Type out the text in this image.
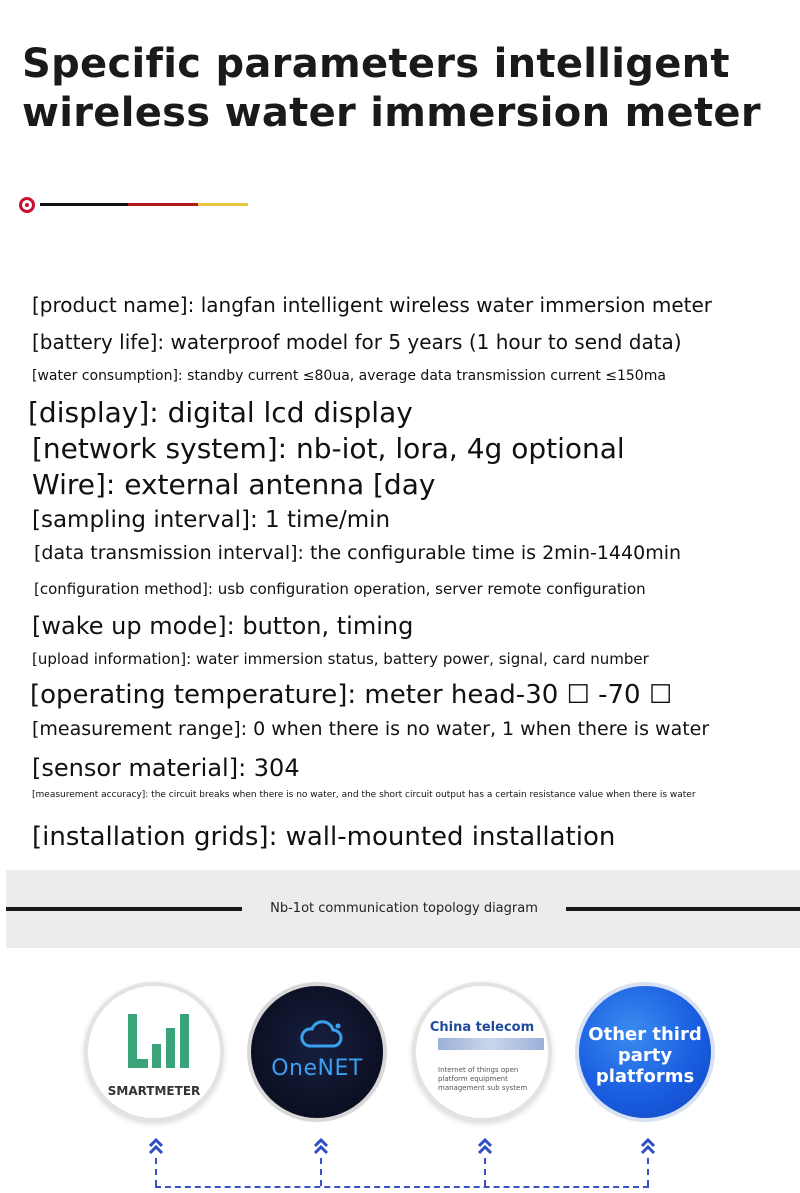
Specific parameters intelligent
wireless water immersion meter
[product name]: langfan intelligent wireless water immersion meter
[battery life]: waterproof model for 5 years (1 hour to send data)
[water consumption]: standby current ≤80ua, average data transmission current ≤150ma
[display]: digital lcd display
[network system]: nb-iot, lora, 4g optional
Wire]: external antenna [day
[sampling interval]: 1 time/min
[data transmission interval]: the configurable time is 2min-1440min
[configuration method]: usb configuration operation, server remote configuration
[wake up mode]: button, timing
[upload information]: water immersion status, battery power, signal, card number
[operating temperature]: meter head-30 ☐ -70 ☐
[measurement range]: 0 when there is no water, 1 when there is water
[sensor material]: 304
[measurement accuracy]: the circuit breaks when there is no water, and the short circuit output has a certain resistance value when there is water
[installation grids]: wall-mounted installation
Nb-1ot communication topology diagram
SMARTMETER
OneNET
China telecom
Internet of things open platform equipment management sub system
Other third
party
platforms
